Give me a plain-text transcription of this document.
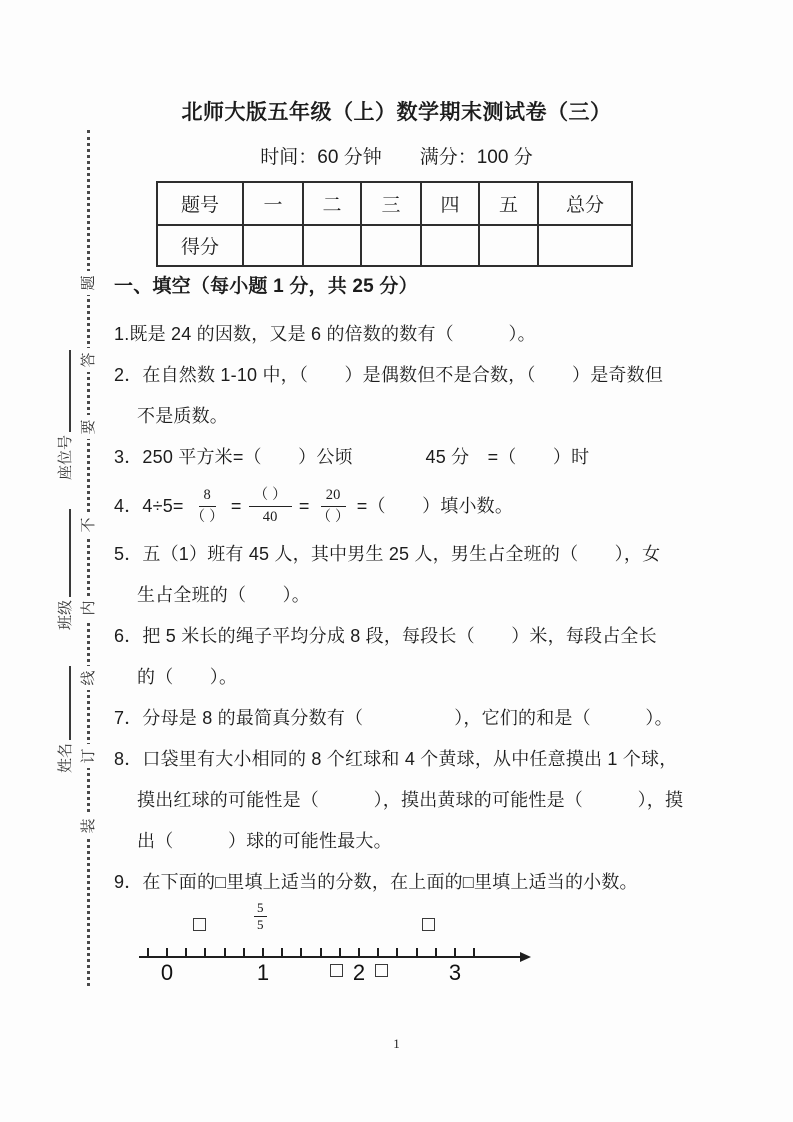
题
答
要
不
内
线
订
装
座位号
班级
姓名
北师大版五年级（上）数学期末测试卷（三）
时间：60 分钟　　满分：100 分
题号	一	二	三	四	五	总分
得分						
一、填空（每小题 1 分，共 25 分）
1.既是 24 的因数，又是 6 的倍数的数有（　　　）。
2．在自然数 1-10 中，（　　）是偶数但不是合数，（　　）是奇数但
不是质数。
3．250 平方米=（　　）公顷　　　　45 分　=（　　）时
4．$4\div 5= \frac{8}{( )} = \frac{( )}{40} = \frac{20}{( )}$ =（　　）填小数。
5．五（1）班有 45 人，其中男生 25 人，男生占全班的（　　），女
生占全班的（　　）。
6．把 5 米长的绳子平均分成 8 段，每段长（　　）米，每段占全长
的（　　）。
7．分母是 8 的最简真分数有（　　　　　），它们的和是（　　　）。
8．口袋里有大小相同的 8 个红球和 4 个黄球，从中任意摸出 1 个球，
摸出红球的可能性是（　　　），摸出黄球的可能性是（　　　），摸
出（　　　）球的可能性最大。
9．在下面的□里填上适当的分数，在上面的□里填上适当的小数。
0	1	2	3
$\frac{5}{5}$
1
